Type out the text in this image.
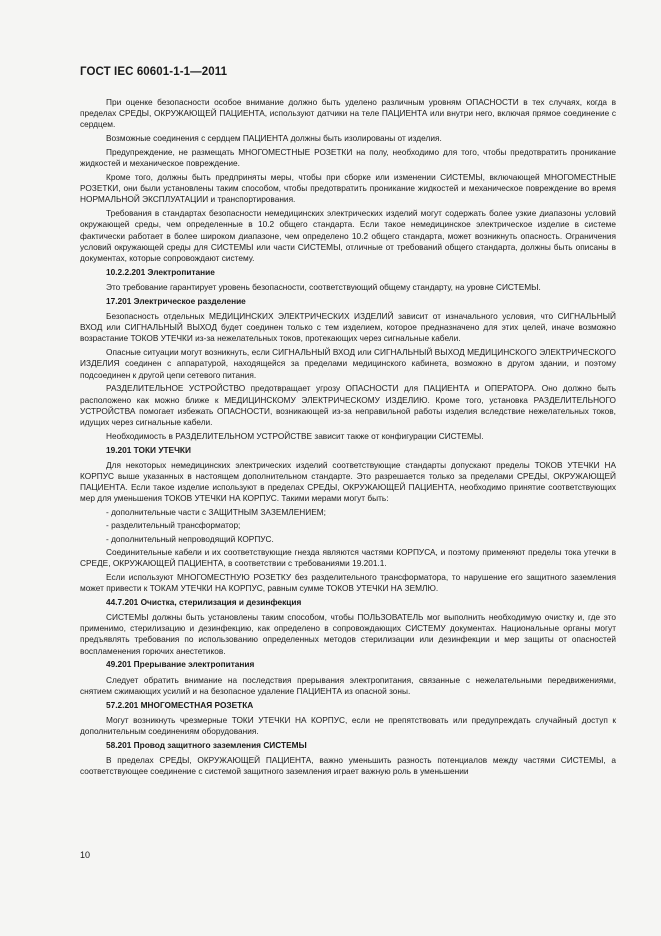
ГОСТ IEC 60601-1-1—2011

При оценке безопасности особое внимание должно быть уделено различным уровням ОПАСНОСТИ в тех случаях, когда в пределах СРЕДЫ, ОКРУЖАЮЩЕЙ ПАЦИЕНТА, используют датчики на теле ПАЦИЕНТА или внутри него, включая прямое соединение с сердцем.

Возможные соединения с сердцем ПАЦИЕНТА должны быть изолированы от изделия.

Предупреждение, не размещать МНОГОМЕСТНЫЕ РОЗЕТКИ на полу, необходимо для того, чтобы предотвратить проникание жидкостей и механическое повреждение.

Кроме того, должны быть предприняты меры, чтобы при сборке или изменении СИСТЕМЫ, включающей МНОГОМЕСТНЫЕ РОЗЕТКИ, они были установлены таким способом, чтобы предотвратить проникание жидкостей и механическое повреждение во время НОРМАЛЬНОЙ ЭКСПЛУАТАЦИИ и транспортирования.

Требования в стандартах безопасности немедицинских электрических изделий могут содержать более узкие диапазоны условий окружающей среды, чем определенные в 10.2 общего стандарта. Если такое немедицинское электрическое изделие в системе фактически работает в более широком диапазоне, чем определено 10.2 общего стандарта, может возникнуть опасность. Ограничения условий окружающей среды для СИСТЕМЫ или части СИСТЕМЫ, отличные от требований общего стандарта, должны быть описаны в документах, которые сопровождают систему.

10.2.2.201 Электропитание

Это требование гарантирует уровень безопасности, соответствующий общему стандарту, на уровне СИСТЕМЫ.

17.201 Электрическое разделение

Безопасность отдельных МЕДИЦИНСКИХ ЭЛЕКТРИЧЕСКИХ ИЗДЕЛИЙ зависит от изначального условия, что СИГНАЛЬНЫЙ ВХОД или СИГНАЛЬНЫЙ ВЫХОД будет соединен только с тем изделием, которое предназначено для этих целей, иначе возможно возрастание ТОКОВ УТЕЧКИ из-за нежелательных токов, протекающих через сигнальные кабели.

Опасные ситуации могут возникнуть, если СИГНАЛЬНЫЙ ВХОД или СИГНАЛЬНЫЙ ВЫХОД МЕДИЦИНСКОГО ЭЛЕКТРИЧЕСКОГО ИЗДЕЛИЯ соединен с аппаратурой, находящейся за пределами медицинского кабинета, возможно в другом здании, и поэтому подсоединен к другой цепи сетевого питания.

РАЗДЕЛИТЕЛЬНОЕ УСТРОЙСТВО предотвращает угрозу ОПАСНОСТИ для ПАЦИЕНТА и ОПЕРАТОРА. Оно должно быть расположено как можно ближе к МЕДИЦИНСКОМУ ЭЛЕКТРИЧЕСКОМУ ИЗДЕЛИЮ. Кроме того, установка РАЗДЕЛИТЕЛЬНОГО УСТРОЙСТВА помогает избежать ОПАСНОСТИ, возникающей из-за неправильной работы изделия вследствие нежелательных токов, идущих через сигнальные кабели.

Необходимость в РАЗДЕЛИТЕЛЬНОМ УСТРОЙСТВЕ зависит также от конфигурации СИСТЕМЫ.

19.201 ТОКИ УТЕЧКИ

Для некоторых немедицинских электрических изделий соответствующие стандарты допускают пределы ТОКОВ УТЕЧКИ НА КОРПУС выше указанных в настоящем дополнительном стандарте. Это разрешается только за пределами СРЕДЫ, ОКРУЖАЮЩЕЙ ПАЦИЕНТА. Если такое изделие используют в пределах СРЕДЫ, ОКРУЖАЮЩЕЙ ПАЦИЕНТА, необходимо принятие соответствующих мер для уменьшения ТОКОВ УТЕЧКИ НА КОРПУС. Такими мерами могут быть:

- дополнительные части с ЗАЩИТНЫМ ЗАЗЕМЛЕНИЕМ;

- разделительный трансформатор;

- дополнительный непроводящий КОРПУС.

Соединительные кабели и их соответствующие гнезда являются частями КОРПУСА, и поэтому применяют пределы тока утечки в СРЕДЕ, ОКРУЖАЮЩЕЙ ПАЦИЕНТА, в соответствии с требованиями 19.201.1.

Если используют МНОГОМЕСТНУЮ РОЗЕТКУ без разделительного трансформатора, то нарушение его защитного заземления может привести к ТОКАМ УТЕЧКИ НА КОРПУС, равным сумме ТОКОВ УТЕЧКИ НА ЗЕМЛЮ.

44.7.201 Очистка, стерилизация и дезинфекция

СИСТЕМЫ должны быть установлены таким способом, чтобы ПОЛЬЗОВАТЕЛЬ мог выполнить необходимую очистку и, где это применимо, стерилизацию и дезинфекцию, как определено в сопровождающих СИСТЕМУ документах. Национальные органы могут предъявлять требования по использованию определенных методов стерилизации или дезинфекции и мер защиты от опасностей воспламенения горючих анестетиков.

49.201 Прерывание электропитания

Следует обратить внимание на последствия прерывания электропитания, связанные с нежелательными передвижениями, снятием сжимающих усилий и на безопасное удаление ПАЦИЕНТА из опасной зоны.

57.2.201 МНОГОМЕСТНАЯ РОЗЕТКА

Могут возникнуть чрезмерные ТОКИ УТЕЧКИ НА КОРПУС, если не препятствовать или предупреждать случайный доступ к дополнительным соединениям оборудования.

58.201 Провод защитного заземления СИСТЕМЫ

В пределах СРЕДЫ, ОКРУЖАЮЩЕЙ ПАЦИЕНТА, важно уменьшить разность потенциалов между частями СИСТЕМЫ, а соответствующее соединение с системой защитного заземления играет важную роль в уменьшении

10
